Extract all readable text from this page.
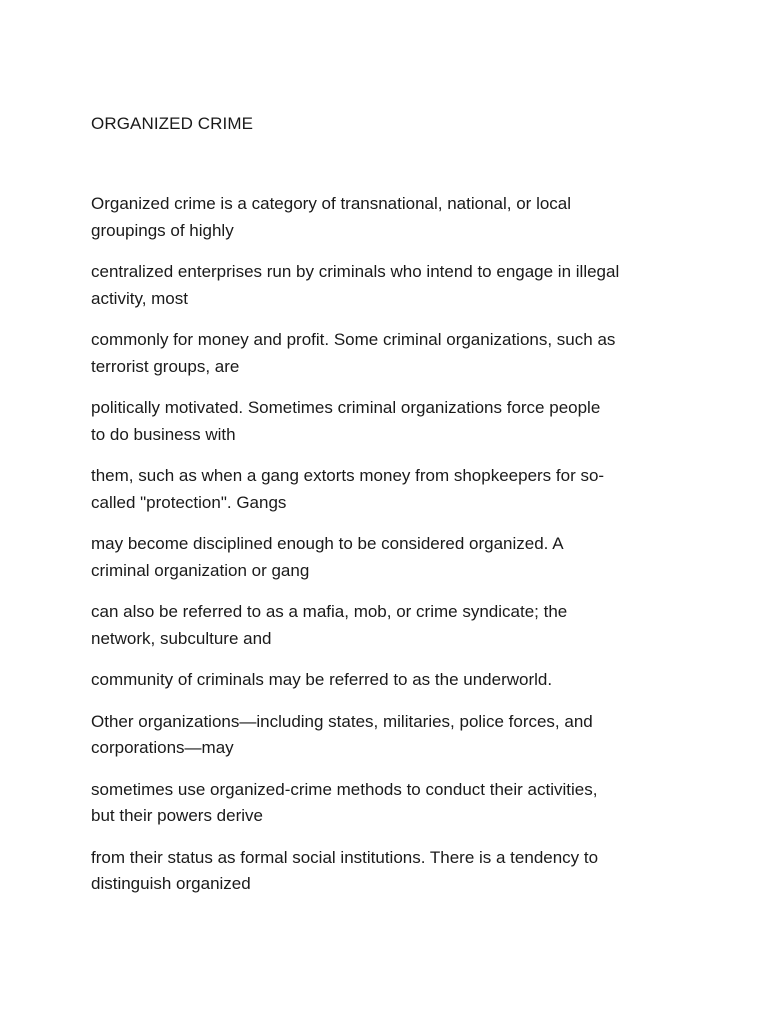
ORGANIZED CRIME

Organized crime is a category of transnational, national, or local
groupings of highly

centralized enterprises run by criminals who intend to engage in illegal
activity, most

commonly for money and profit. Some criminal organizations, such as
terrorist groups, are

politically motivated. Sometimes criminal organizations force people
to do business with

them, such as when a gang extorts money from shopkeepers for so-
called "protection". Gangs

may become disciplined enough to be considered organized. A
criminal organization or gang

can also be referred to as a mafia, mob, or crime syndicate; the
network, subculture and

community of criminals may be referred to as the underworld.

Other organizations—including states, militaries, police forces, and
corporations—may

sometimes use organized-crime methods to conduct their activities,
but their powers derive

from their status as formal social institutions. There is a tendency to
distinguish organized
